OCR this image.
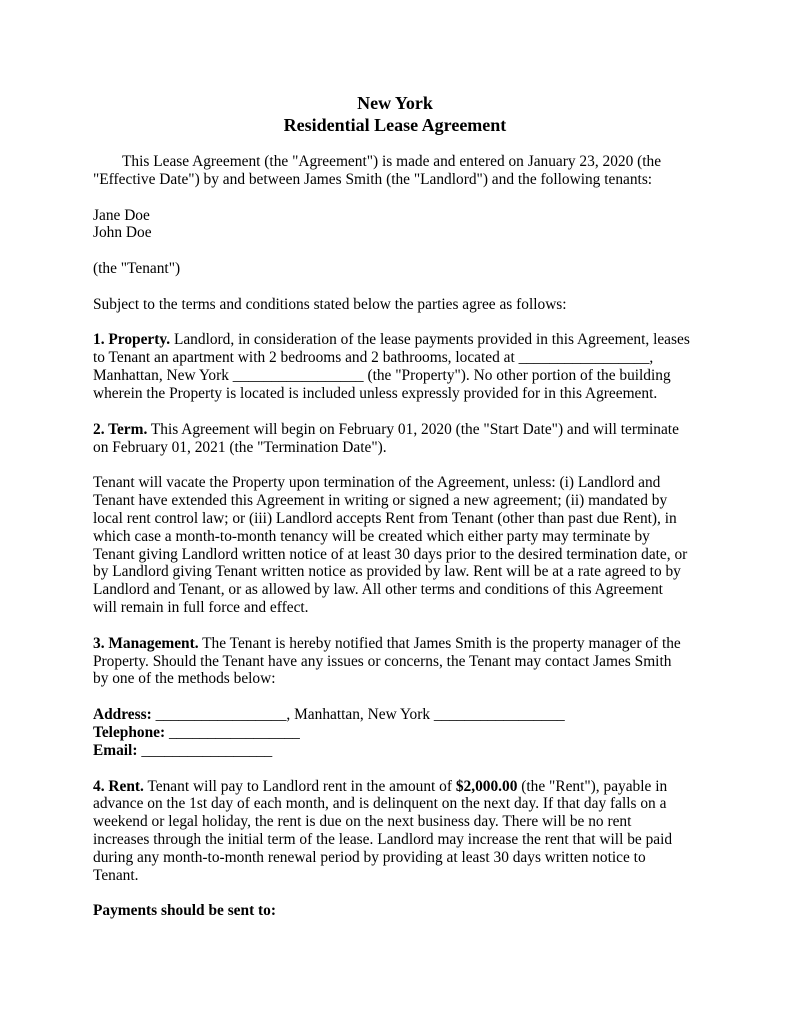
New York
Residential Lease Agreement
This Lease Agreement (the "Agreement") is made and entered on January 23, 2020 (the
"Effective Date") by and between James Smith (the "Landlord") and the following tenants:
Jane Doe
John Doe
(the "Tenant")
Subject to the terms and conditions stated below the parties agree as follows:
1. Property. Landlord, in consideration of the lease payments provided in this Agreement, leases
to Tenant an apartment with 2 bedrooms and 2 bathrooms, located at _________________,
Manhattan, New York _________________ (the "Property"). No other portion of the building
wherein the Property is located is included unless expressly provided for in this Agreement.
2. Term. This Agreement will begin on February 01, 2020 (the "Start Date") and will terminate
on February 01, 2021 (the "Termination Date").
Tenant will vacate the Property upon termination of the Agreement, unless: (i) Landlord and
Tenant have extended this Agreement in writing or signed a new agreement; (ii) mandated by
local rent control law; or (iii) Landlord accepts Rent from Tenant (other than past due Rent), in
which case a month-to-month tenancy will be created which either party may terminate by
Tenant giving Landlord written notice of at least 30 days prior to the desired termination date, or
by Landlord giving Tenant written notice as provided by law. Rent will be at a rate agreed to by
Landlord and Tenant, or as allowed by law. All other terms and conditions of this Agreement
will remain in full force and effect.
3. Management. The Tenant is hereby notified that James Smith is the property manager of the
Property. Should the Tenant have any issues or concerns, the Tenant may contact James Smith
by one of the methods below:
Address: _________________, Manhattan, New York _________________
Telephone: _________________
Email: _________________
4. Rent. Tenant will pay to Landlord rent in the amount of $2,000.00 (the "Rent"), payable in
advance on the 1st day of each month, and is delinquent on the next day. If that day falls on a
weekend or legal holiday, the rent is due on the next business day. There will be no rent
increases through the initial term of the lease. Landlord may increase the rent that will be paid
during any month-to-month renewal period by providing at least 30 days written notice to
Tenant.
Payments should be sent to:
